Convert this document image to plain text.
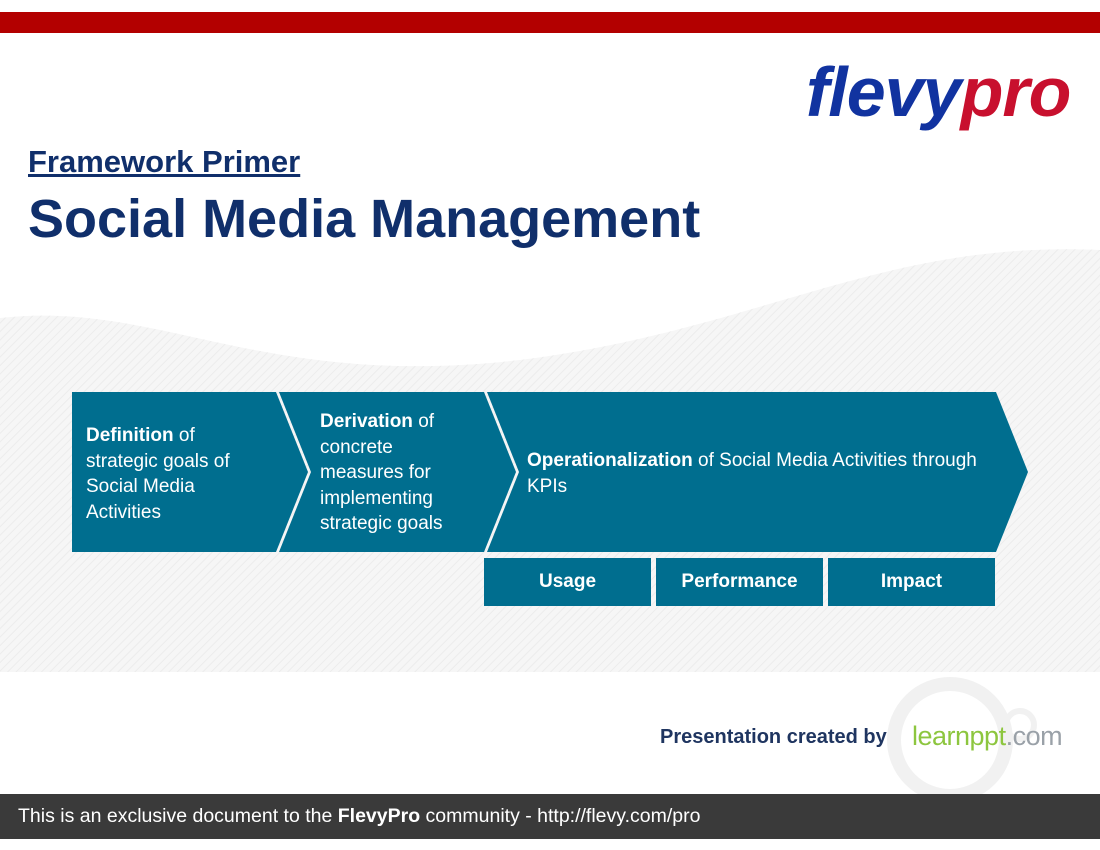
flevypro
Framework Primer
Social Media Management
Definition of strategic goals of Social Media Activities
Derivation of concrete measures for implementing strategic goals
Operationalization of Social Media Activities through KPIs
Usage	Performance	Impact
Presentation created by learnppt.com
This is an exclusive document to the FlevyPro community - http://flevy.com/pro
